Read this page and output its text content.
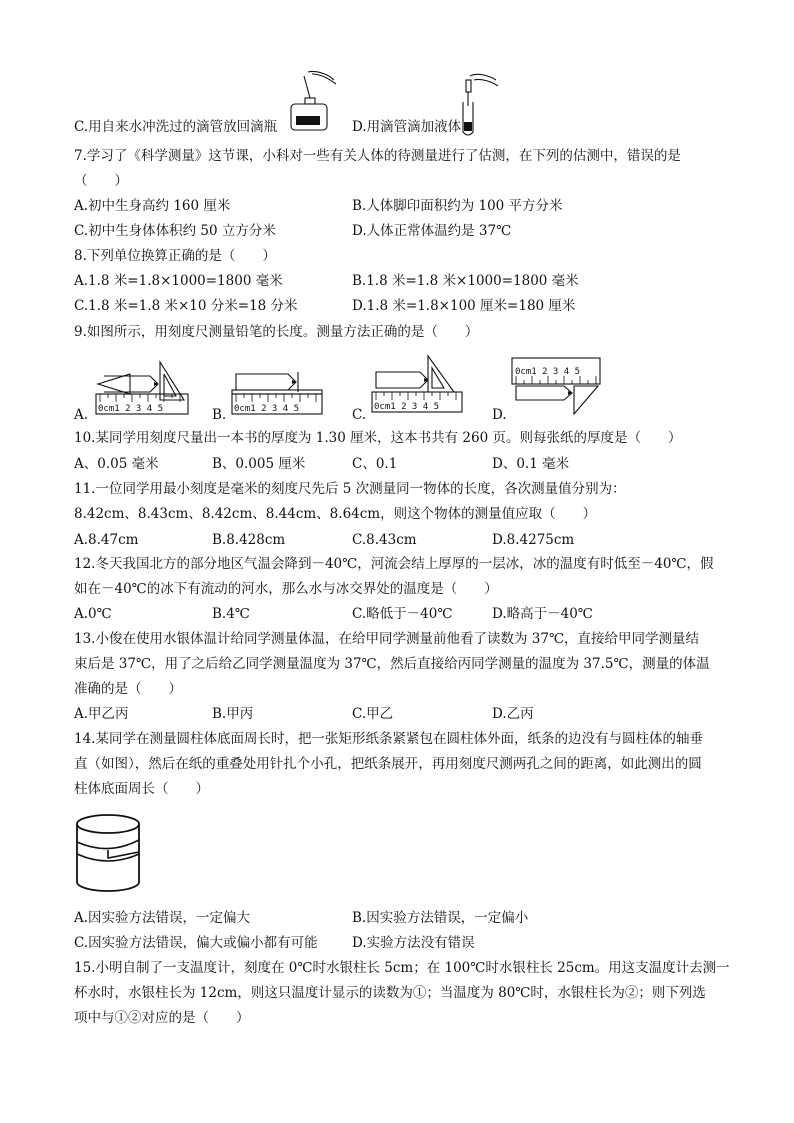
C.用自来水冲洗过的滴管放回滴瓶	D.用滴管滴加液体
7.学习了《科学测量》这节课，小科对一些有关人体的待测量进行了估测，在下列的估测中，错误的是
（　　）
A.初中生身高约 160 厘米	B.人体脚印面积约为 100 平方分米
C.初中生身体体积约 50 立方分米	D.人体正常体温约是 37℃
8.下列单位换算正确的是（　　）
A.1.8 米=1.8×1000=1800 毫米	B.1.8 米=1.8 米×1000=1800 毫米
C.1.8 米=1.8 米×10 分米=18 分米	D.1.8 米=1.8×100 厘米=180 厘米
9.如图所示，用刻度尺测量铅笔的长度。测量方法正确的是（　　）
0cm1 2 3 4 5
A.	0cm1 2 3 4 5
B.	0cm1 2 3 4 5
C.
0cm1 2 3 4 5
D.
10.某同学用刻度尺量出一本书的厚度为 1.30 厘米，这本书共有 260 页。则每张纸的厚度是（　　）
A、0.05 毫米	B、0.005 厘米	C、0.1	D、0.1 毫米
11.一位同学用最小刻度是毫米的刻度尺先后 5 次测量同一物体的长度，各次测量值分别为：
8.42cm、8.43cm、8.42cm、8.44cm、8.64cm，则这个物体的测量值应取（　　）
A.8.47cm	B.8.428cm	C.8.43cm	D.8.4275cm
12.冬天我国北方的部分地区气温会降到－40℃，河流会结上厚厚的一层冰，冰的温度有时低至－40℃，假
如在－40℃的冰下有流动的河水，那么水与冰交界处的温度是（　　）
A.0℃	B.4℃	C.略低于－40℃	D.略高于－40℃
13.小俊在使用水银体温计给同学测量体温，在给甲同学测量前他看了读数为 37℃，直接给甲同学测量结
束后是 37℃，用了之后给乙同学测量温度为 37℃，然后直接给丙同学测量的温度为 37.5℃，测量的体温
准确的是（　　）
A.甲乙丙	B.甲丙	C.甲乙	D.乙丙
14.某同学在测量圆柱体底面周长时，把一张矩形纸条紧紧包在圆柱体外面，纸条的边没有与圆柱体的轴垂
直（如图），然后在纸的重叠处用针扎个小孔，把纸条展开，再用刻度尺测两孔之间的距离，如此测出的圆
柱体底面周长（　　）
A.因实验方法错误，一定偏大	B.因实验方法错误，一定偏小
C.因实验方法错误，偏大或偏小都有可能	D.实验方法没有错误
15.小明自制了一支温度计，刻度在 0℃时水银柱长 5cm；在 100℃时水银柱长 25cm。用这支温度计去测一
杯水时，水银柱长为 12cm，则这只温度计显示的读数为①；当温度为 80℃时，水银柱长为②；则下列选
项中与①②对应的是（　　）
